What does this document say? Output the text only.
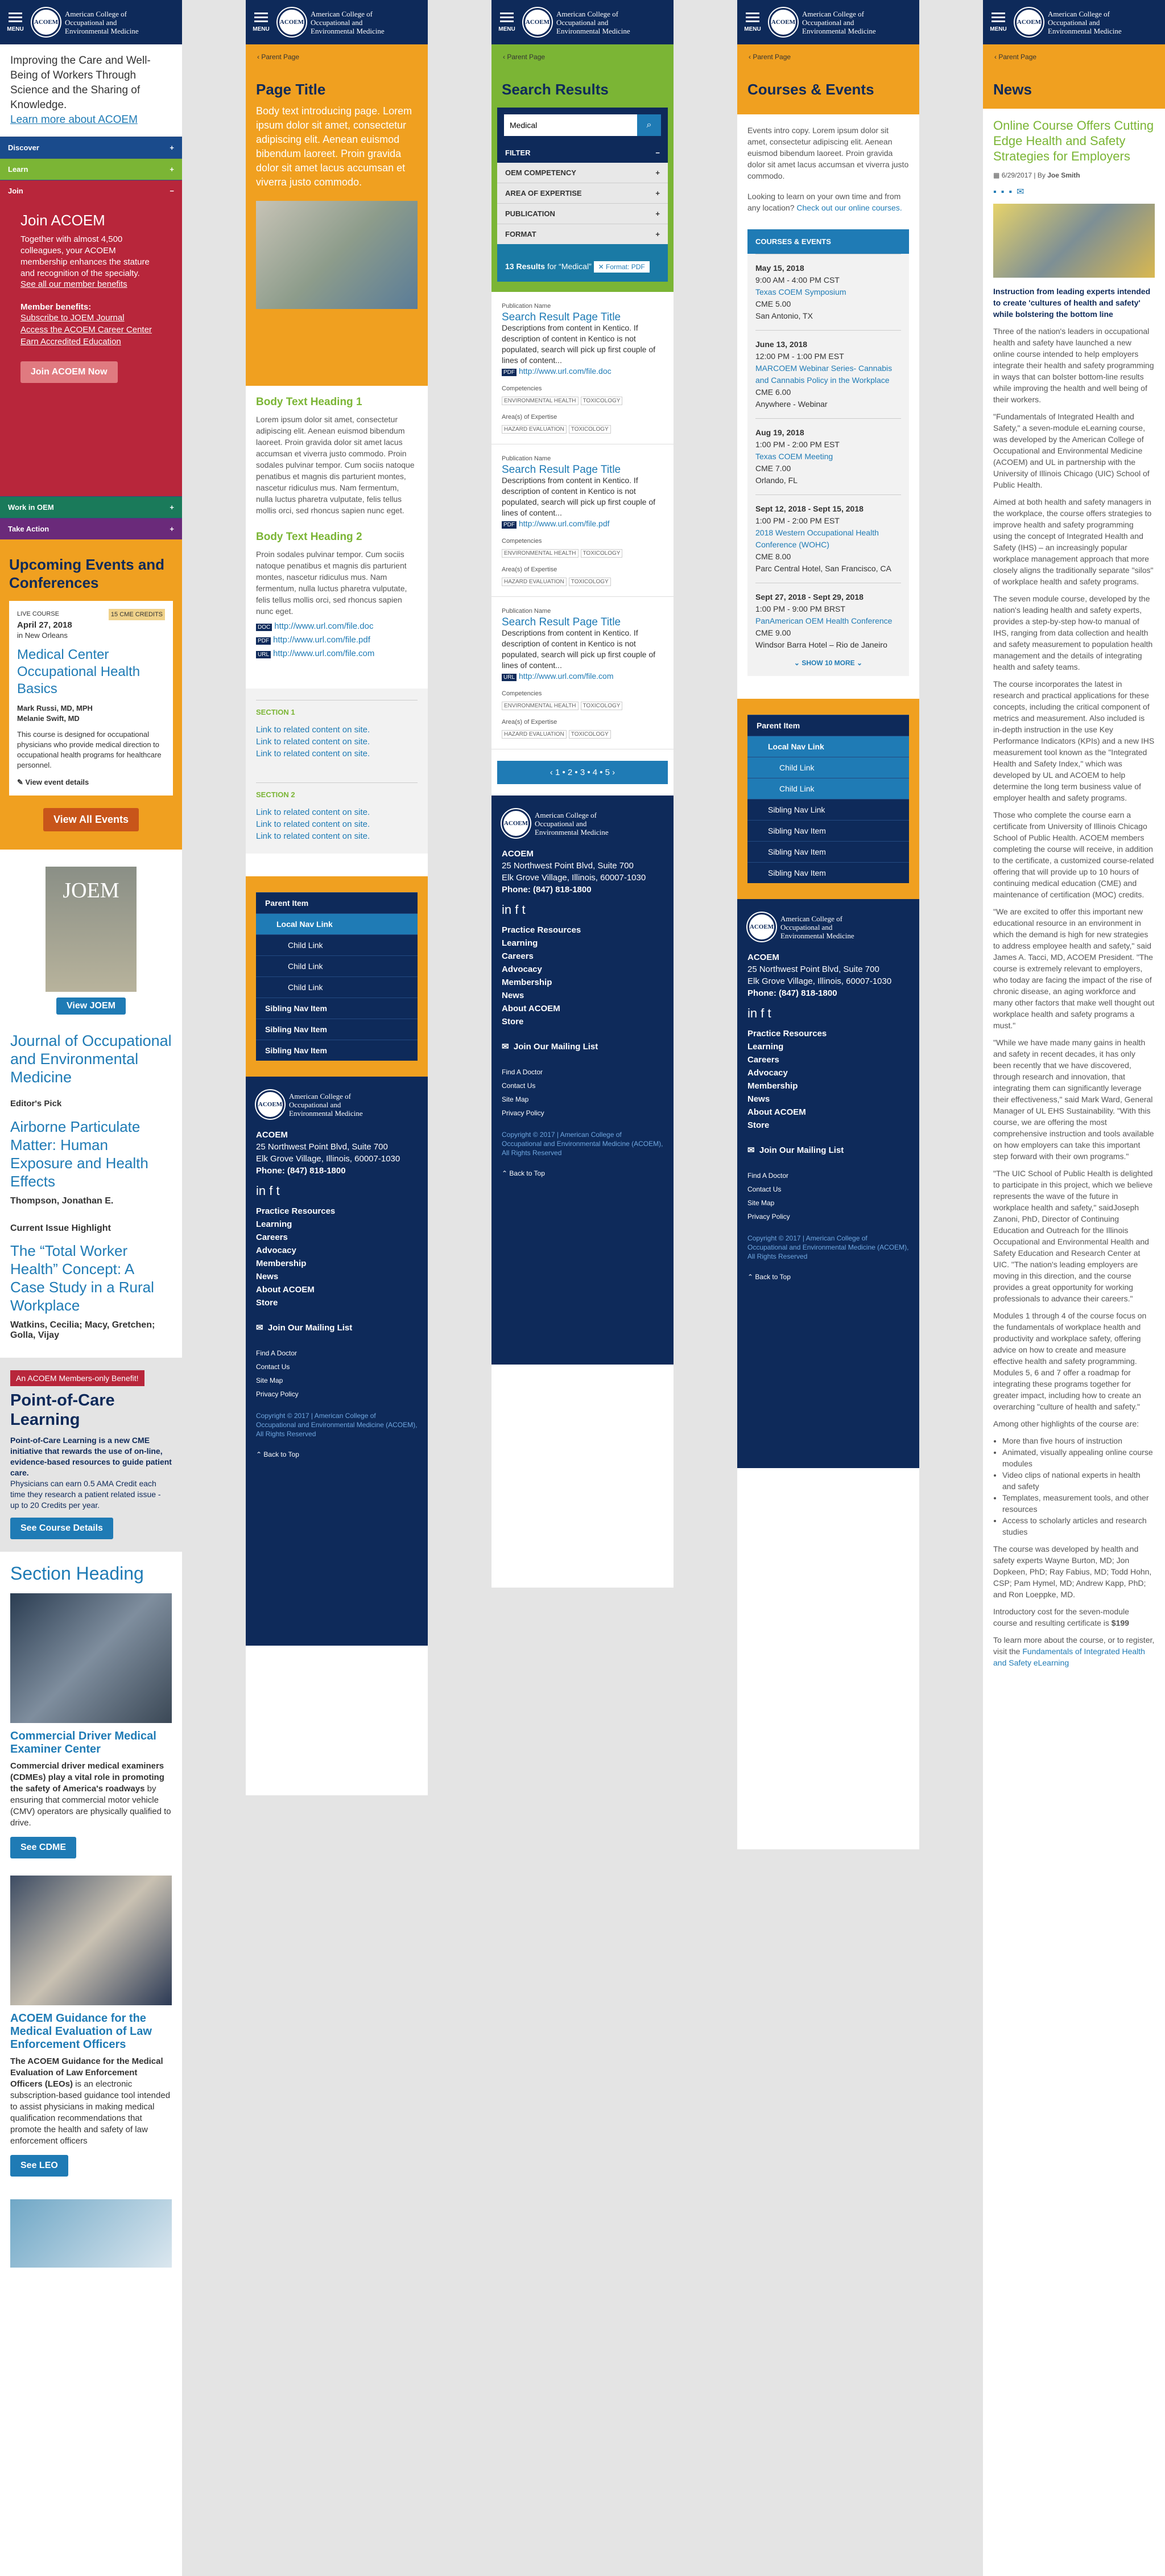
MENU
ACOEM
American College of Occupational and Environmental Medicine

Improving the Care and Well-Being of Workers Through Science and the Sharing of Knowledge.

Learn more about ACOEM
Discover	+
Learn	+
Join	−
Join ACOEM

Together with almost 4,500 colleagues, your ACOEM membership enhances the stature and recognition of the specialty.

See all our member benefits

Member benefits:

Subscribe to JOEM Journal
Access the ACOEM Career Center
Earn Accredited Education
Join ACOEM Now
Work in OEM	+
Take Action	+
Upcoming Events and Conferences
LIVE COURSE	15 CME CREDITS
April 27, 2018
in New Orleans
Medical Center Occupational Health Basics
Mark Russi, MD, MPH
Melanie Swift, MD

This course is designed for occupational physicians who provide medical direction to occupational health programs for healthcare personnel.

✎ View event details

View All Events
JOEM
View JOEM
Journal of Occupational and Environmental Medicine
Editor's Pick
Airborne Particulate Matter: Human Exposure and Health Effects
Thompson, Jonathan E.
Current Issue Highlight
The “Total Worker Health” Concept: A Case Study in a Rural Workplace
Watkins, Cecilia; Macy, Gretchen; Golla, Vijay
An ACOEM Members-only Benefit!
Point-of-Care Learning

Point-of-Care Learning is a new CME initiative that rewards the use of on-line, evidence-based resources to guide patient care.

Physicians can earn 0.5 AMA Credit each time they research a patient related issue - up to 20 Credits per year.

See Course Details
Section Heading
Commercial Driver Medical Examiner Center

Commercial driver medical examiners (CDMEs) play a vital role in promoting the safety of America's roadways by ensuring that commercial motor vehicle (CMV) operators are physically qualified to drive.

See CDME
ACOEM Guidance for the Medical Evaluation of Law Enforcement Officers

The ACOEM Guidance for the Medical Evaluation of Law Enforcement Officers (LEOs) is an electronic subscription-based guidance tool intended to assist physicians in making medical qualification recommendations that promote the health and safety of law enforcement officers

See LEO
MENU
ACOEM
American College of Occupational and Environmental Medicine
‹ Parent Page
Page Title

Body text introducing page. Lorem ipsum dolor sit amet, consectetur adipiscing elit. Aenean euismod bibendum laoreet. Proin gravida dolor sit amet lacus accumsan et viverra justo commodo.

Body Text Heading 1

Lorem ipsum dolor sit amet, consectetur adipiscing elit. Aenean euismod bibendum laoreet. Proin gravida dolor sit amet lacus accumsan et viverra justo commodo. Proin sodales pulvinar tempor. Cum sociis natoque penatibus et magnis dis parturient montes, nascetur ridiculus mus. Nam fermentum, nulla luctus pharetra vulputate, felis tellus mollis orci, sed rhoncus sapien nunc eget.

Body Text Heading 2

Proin sodales pulvinar tempor. Cum sociis natoque penatibus et magnis dis parturient montes, nascetur ridiculus mus. Nam fermentum, nulla luctus pharetra vulputate, felis tellus mollis orci, sed rhoncus sapien nunc eget.

DOC http://www.url.com/file.doc
PDF http://www.url.com/file.pdf
URL http://www.url.com/file.com
SECTION 1
Link to related content on site.
Link to related content on site.
Link to related content on site.
SECTION 2
Link to related content on site.
Link to related content on site.
Link to related content on site.
Parent Item
Local Nav Link
Child Link
Child Link
Child Link
Sibling Nav Item
Sibling Nav Item
Sibling Nav Item
ACOEM
American College of Occupational and Environmental Medicine
ACOEM
25 Northwest Point Blvd, Suite 700
Elk Grove Village, Illinois, 60007-1030
Phone: (847) 818-1800
in f t
Practice Resources
Learning
Careers
Advocacy
Membership
News
About ACOEM
Store
✉ Join Our Mailing List
Find A Doctor
Contact Us
Site Map
Privacy Policy

Copyright © 2017 | American College of Occupational and Environmental Medicine (ACOEM), All Rights Reserved

⌃ Back to Top

MENU
ACOEM
American College of Occupational and Environmental Medicine
‹ Parent Page
Search Results
Medical
⌕
FILTER	−
OEM COMPETENCY	+
AREA OF EXPERTISE	+
PUBLICATION	+
FORMAT	+
13 Results for “Medical” ✕ Format: PDF
Publication Name
Search Result Page Title

Descriptions from content in Kentico. If description of content in Kentico is not populated, search will pick up first couple of lines of content...

PDF http://www.url.com/file.doc
Competencies
ENVIRONMENTAL HEALTH TOXICOLOGY
Area(s) of Expertise
HAZARD EVALUATION TOXICOLOGY
Publication Name
Search Result Page Title

Descriptions from content in Kentico. If description of content in Kentico is not populated, search will pick up first couple of lines of content...

PDF http://www.url.com/file.pdf
Competencies
ENVIRONMENTAL HEALTH TOXICOLOGY
Area(s) of Expertise
HAZARD EVALUATION TOXICOLOGY
Publication Name
Search Result Page Title

Descriptions from content in Kentico. If description of content in Kentico is not populated, search will pick up first couple of lines of content...

URL http://www.url.com/file.com
Competencies
ENVIRONMENTAL HEALTH TOXICOLOGY
Area(s) of Expertise
HAZARD EVALUATION TOXICOLOGY
‹ 1 • 2 • 3 • 4 • 5 ›
ACOEM
American College of Occupational and Environmental Medicine
ACOEM
25 Northwest Point Blvd, Suite 700
Elk Grove Village, Illinois, 60007-1030
Phone: (847) 818-1800
in f t
Practice Resources
Learning
Careers
Advocacy
Membership
News
About ACOEM
Store
✉ Join Our Mailing List
Find A Doctor
Contact Us
Site Map
Privacy Policy

Copyright © 2017 | American College of Occupational and Environmental Medicine (ACOEM), All Rights Reserved

⌃ Back to Top

MENU
ACOEM
American College of Occupational and Environmental Medicine
‹ Parent Page
Courses & Events

Events intro copy. Lorem ipsum dolor sit amet, consectetur adipiscing elit. Aenean euismod bibendum laoreet. Proin gravida dolor sit amet lacus accumsan et viverra justo commodo.

Looking to learn on your own time and from any location? Check out our online courses.

COURSES & EVENTS
May 15, 2018
9:00 AM - 4:00 PM CST
Texas COEM Symposium
CME 5.00
San Antonio, TX
June 13, 2018
12:00 PM - 1:00 PM EST
MARCOEM Webinar Series- Cannabis and Cannabis Policy in the Workplace
CME 6.00
Anywhere - Webinar
Aug 19, 2018
1:00 PM - 2:00 PM EST
Texas COEM Meeting
CME 7.00
Orlando, FL
Sept 12, 2018 - Sept 15, 2018
1:00 PM - 2:00 PM EST
2018 Western Occupational Health Conference (WOHC)
CME 8.00
Parc Central Hotel, San Francisco, CA
Sept 27, 2018 - Sept 29, 2018
1:00 PM - 9:00 PM BRST
PanAmerican OEM Health Conference
CME 9.00
Windsor Barra Hotel – Rio de Janeiro
⌄ SHOW 10 MORE ⌄
Parent Item
Local Nav Link
Child Link
Child Link
Sibling Nav Link
Sibling Nav Item
Sibling Nav Item
Sibling Nav Item
ACOEM
American College of Occupational and Environmental Medicine
ACOEM
25 Northwest Point Blvd, Suite 700
Elk Grove Village, Illinois, 60007-1030
Phone: (847) 818-1800
in f t
Practice Resources
Learning
Careers
Advocacy
Membership
News
About ACOEM
Store
✉ Join Our Mailing List
Find A Doctor
Contact Us
Site Map
Privacy Policy

Copyright © 2017 | American College of Occupational and Environmental Medicine (ACOEM), All Rights Reserved

⌃ Back to Top

MENU
ACOEM
American College of Occupational and Environmental Medicine
‹ Parent Page
News
Online Course Offers Cutting Edge Health and Safety Strategies for Employers
▦ 6/29/2017 | By Joe Smith
▪▪▪✉

Instruction from leading experts intended to create 'cultures of health and safety' while bolstering the bottom line

Three of the nation's leaders in occupational health and safety have launched a new online course intended to help employers integrate their health and safety programming in ways that can bolster bottom-line results while improving the health and well being of their workers.

"Fundamentals of Integrated Health and Safety," a seven-module eLearning course, was developed by the American College of Occupational and Environmental Medicine (ACOEM) and UL in partnership with the University of Illinois Chicago (UIC) School of Public Health.

Aimed at both health and safety managers in the workplace, the course offers strategies to improve health and safety programming using the concept of Integrated Health and Safety (IHS) – an increasingly popular workplace management approach that more closely aligns the traditionally separate "silos" of workplace health and safety programs.

The seven module course, developed by the nation's leading health and safety experts, provides a step-by-step how-to manual of IHS, ranging from data collection and health and safety measurement to population health management and the details of integrating health and safety teams.

The course incorporates the latest in research and practical applications for these concepts, including the critical component of metrics and measurement. Also included is in-depth instruction in the use Key Performance Indicators (KPIs) and a new IHS measurement tool known as the "Integrated Health and Safety Index," which was developed by UL and ACOEM to help determine the long term business value of employer health and safety programs.

Those who complete the course earn a certificate from University of Illinois Chicago School of Public Health. ACOEM members completing the course will receive, in addition to the certificate, a customized course-related offering that will provide up to 10 hours of continuing medical education (CME) and maintenance of certification (MOC) credits.

"We are excited to offer this important new educational resource in an environment in which the demand is high for new strategies to address employee health and safety," said James A. Tacci, MD, ACOEM President. "The course is extremely relevant to employers, who today are facing the impact of the rise of chronic disease, an aging workforce and many other factors that make well thought out workplace health and safety programs a must."

"While we have made many gains in health and safety in recent decades, it has only been recently that we have discovered, through research and innovation, that integrating them can significantly leverage their effectiveness," said Mark Ward, General Manager of UL EHS Sustainability. "With this course, we are offering the most comprehensive instruction and tools available on how employers can take this important step forward with their own programs."

"The UIC School of Public Health is delighted to participate in this project, which we believe represents the wave of the future in workplace health and safety," saidJoseph Zanoni, PhD, Director of Continuing Education and Outreach for the Illinois Occupational and Environmental Health and Safety Education and Research Center at UIC. "The nation's leading employers are moving in this direction, and the course provides a great opportunity for working professionals to advance their careers."

Modules 1 through 4 of the course focus on the fundamentals of workplace health and productivity and workplace safety, offering advice on how to create and measure effective health and safety programming. Modules 5, 6 and 7 offer a roadmap for integrating these programs together for greater impact, including how to create an overarching "culture of health and safety."

Among other highlights of the course are:

• More than five hours of instruction
• Animated, visually appealing online course modules
• Video clips of national experts in health and safety
• Templates, measurement tools, and other resources
• Access to scholarly articles and research studies

The course was developed by health and safety experts Wayne Burton, MD; Jon Dopkeen, PhD; Ray Fabius, MD; Todd Hohn, CSP; Pam Hymel, MD; Andrew Kapp, PhD; and Ron Loeppke, MD.

Introductory cost for the seven-module course and resulting certificate is $199

To learn more about the course, or to register, visit the Fundamentals of Integrated Health and Safety eLearning
